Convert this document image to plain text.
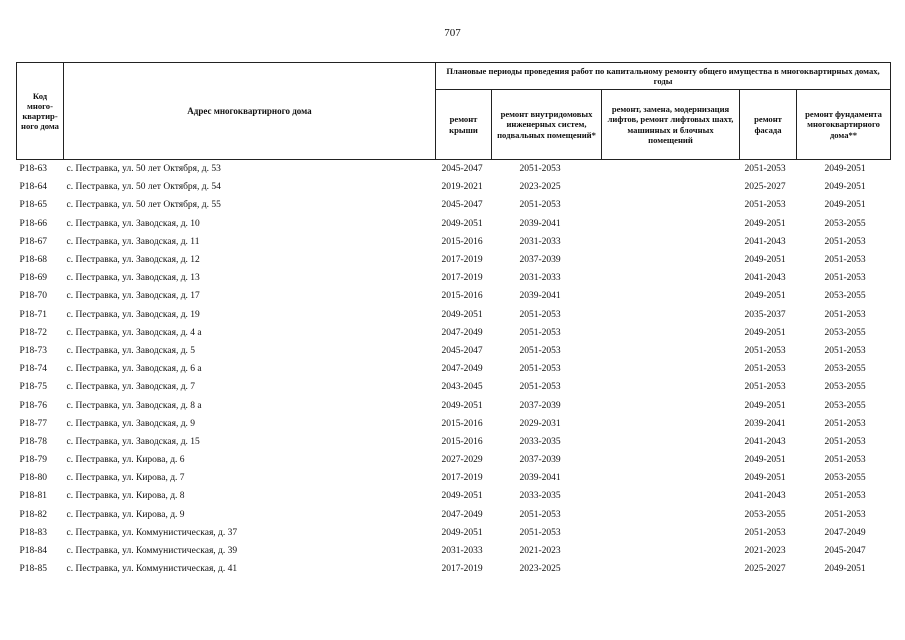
707
Код много-квартир-ного дома	Адрес многоквартирного дома	Плановые периоды проведения работ по капитальному ремонту общего имущества в многоквартирных домах, годы				
		ремонт крыши	ремонт внутридомовых инженерных систем, подвальных помещений*	ремонт, замена, модернизация лифтов, ремонт лифтовых шахт, машинных и блочных помещений	ремонт фасада	ремонт фундамента многоквартирного дома**
Р18-63	с. Пестравка, ул. 50 лет Октября, д. 53	2045-2047	2051-2053		2051-2053	2049-2051
Р18-64	с. Пестравка, ул. 50 лет Октября, д. 54	2019-2021	2023-2025		2025-2027	2049-2051
Р18-65	с. Пестравка, ул. 50 лет Октября, д. 55	2045-2047	2051-2053		2051-2053	2049-2051
Р18-66	с. Пестравка, ул. Заводская, д. 10	2049-2051	2039-2041		2049-2051	2053-2055
Р18-67	с. Пестравка, ул. Заводская, д. 11	2015-2016	2031-2033		2041-2043	2051-2053
Р18-68	с. Пестравка, ул. Заводская, д. 12	2017-2019	2037-2039		2049-2051	2051-2053
Р18-69	с. Пестравка, ул. Заводская, д. 13	2017-2019	2031-2033		2041-2043	2051-2053
Р18-70	с. Пестравка, ул. Заводская, д. 17	2015-2016	2039-2041		2049-2051	2053-2055
Р18-71	с. Пестравка, ул. Заводская, д. 19	2049-2051	2051-2053		2035-2037	2051-2053
Р18-72	с. Пестравка, ул. Заводская, д. 4 а	2047-2049	2051-2053		2049-2051	2053-2055
Р18-73	с. Пестравка, ул. Заводская, д. 5	2045-2047	2051-2053		2051-2053	2051-2053
Р18-74	с. Пестравка, ул. Заводская, д. 6 а	2047-2049	2051-2053		2051-2053	2053-2055
Р18-75	с. Пестравка, ул. Заводская, д. 7	2043-2045	2051-2053		2051-2053	2053-2055
Р18-76	с. Пестравка, ул. Заводская, д. 8 а	2049-2051	2037-2039		2049-2051	2053-2055
Р18-77	с. Пестравка, ул. Заводская, д. 9	2015-2016	2029-2031		2039-2041	2051-2053
Р18-78	с. Пестравка, ул. Заводская, д. 15	2015-2016	2033-2035		2041-2043	2051-2053
Р18-79	с. Пестравка, ул. Кирова, д. 6	2027-2029	2037-2039		2049-2051	2051-2053
Р18-80	с. Пестравка, ул. Кирова, д. 7	2017-2019	2039-2041		2049-2051	2053-2055
Р18-81	с. Пестравка, ул. Кирова, д. 8	2049-2051	2033-2035		2041-2043	2051-2053
Р18-82	с. Пестравка, ул. Кирова, д. 9	2047-2049	2051-2053		2053-2055	2051-2053
Р18-83	с. Пестравка, ул. Коммунистическая, д. 37	2049-2051	2051-2053		2051-2053	2047-2049
Р18-84	с. Пестравка, ул. Коммунистическая, д. 39	2031-2033	2021-2023		2021-2023	2045-2047
Р18-85	с. Пестравка, ул. Коммунистическая, д. 41	2017-2019	2023-2025		2025-2027	2049-2051
